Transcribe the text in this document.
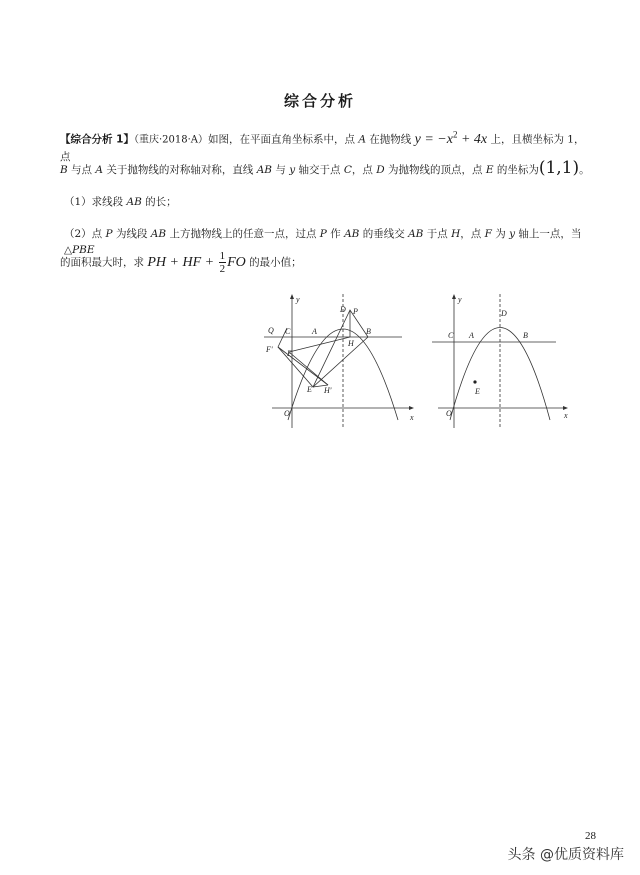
综合分析
【综合分析 1】（重庆·2018·A）如图，在平面直角坐标系中，点 A 在抛物线 $y = -x^2 + 4x$ 上，且横坐标为 1，点
B 与点 A 关于抛物线的对称轴对称，直线 AB 与 y 轴交于点 C，点 D 为抛物线的顶点，点 E 的坐标为(1,1)。
（1）求线段 AB 的长；
（2）点 P 为线段 AB 上方抛物线上的任意一点，过点 P 作 AB 的垂线交 AB 于点 H，点 F 为 y 轴上一点，当△PBE
的面积最大时，求 PH + HF + $\frac{1}{2}$ FO 的最小值；
y
x
O
D P
Q C	A	B
H
F' F
E H'
y
x
O
D
C A	B
E
28
头条 @优质资料库
